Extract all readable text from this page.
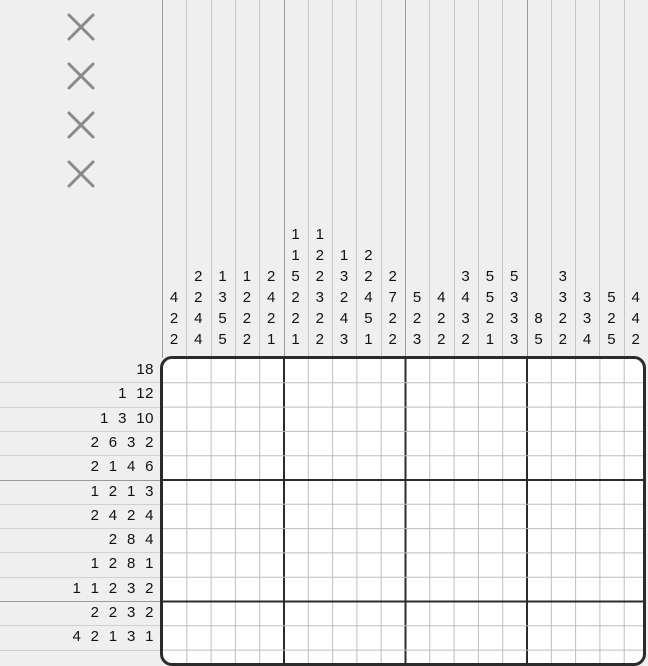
4
2
2
2
2
4
4
1
3
5
5
1
2
2
2
2
4
2
1
1
1
5
2
2
1
1
2
2
3
2
2
1
3
2
4
3
2
2
4
5
1
2
7
2
2
5
2
3
4
2
2
3
4
3
2
5
5
2
1
5
3
3
3
8
5
3
3
2
2
3
3
4
5
2
5
4
4
2
18
1  12
1  3  10
2  6  3  2
2  1  4  6
1  2  1  3
2  4  2  4
2  8  4
1  2  8  1
1  1  2  3  2
2  2  3  2
4  2  1  3  1
